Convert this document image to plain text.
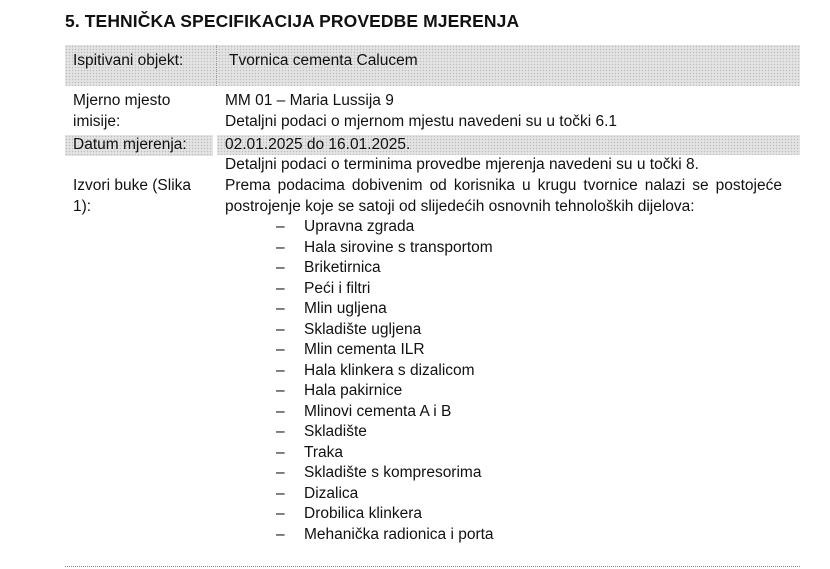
5. TEHNIČKA SPECIFIKACIJA PROVEDBE MJERENJA
Ispitivani objekt:	Tvornica cementa Calucem
Mjerno mjesto
imisije:
MM 01 – Maria Lussija 9
Detaljni podaci o mjernom mjestu navedeni su u točki 6.1
Datum mjerenja:	02.01.2025 do 16.01.2025.
Detaljni podaci o terminima provedbe mjerenja navedeni su u točki 8.
Izvori buke (Slika
1):
Prema podacima dobivenim od korisnika u krugu tvornice nalazi se postojeće postrojenje koje se satoji od slijedećih osnovnih tehnoloških dijelova:
–	Upravna zgrada
–	Hala sirovine s transportom
–	Briketirnica
–	Peći i filtri
–	Mlin ugljena
–	Skladište ugljena
–	Mlin cementa ILR
–	Hala klinkera s dizalicom
–	Hala pakirnice
–	Mlinovi cementa A i B
–	Skladište
–	Traka
–	Skladište s kompresorima
–	Dizalica
–	Drobilica klinkera
–	Mehanička radionica i porta
